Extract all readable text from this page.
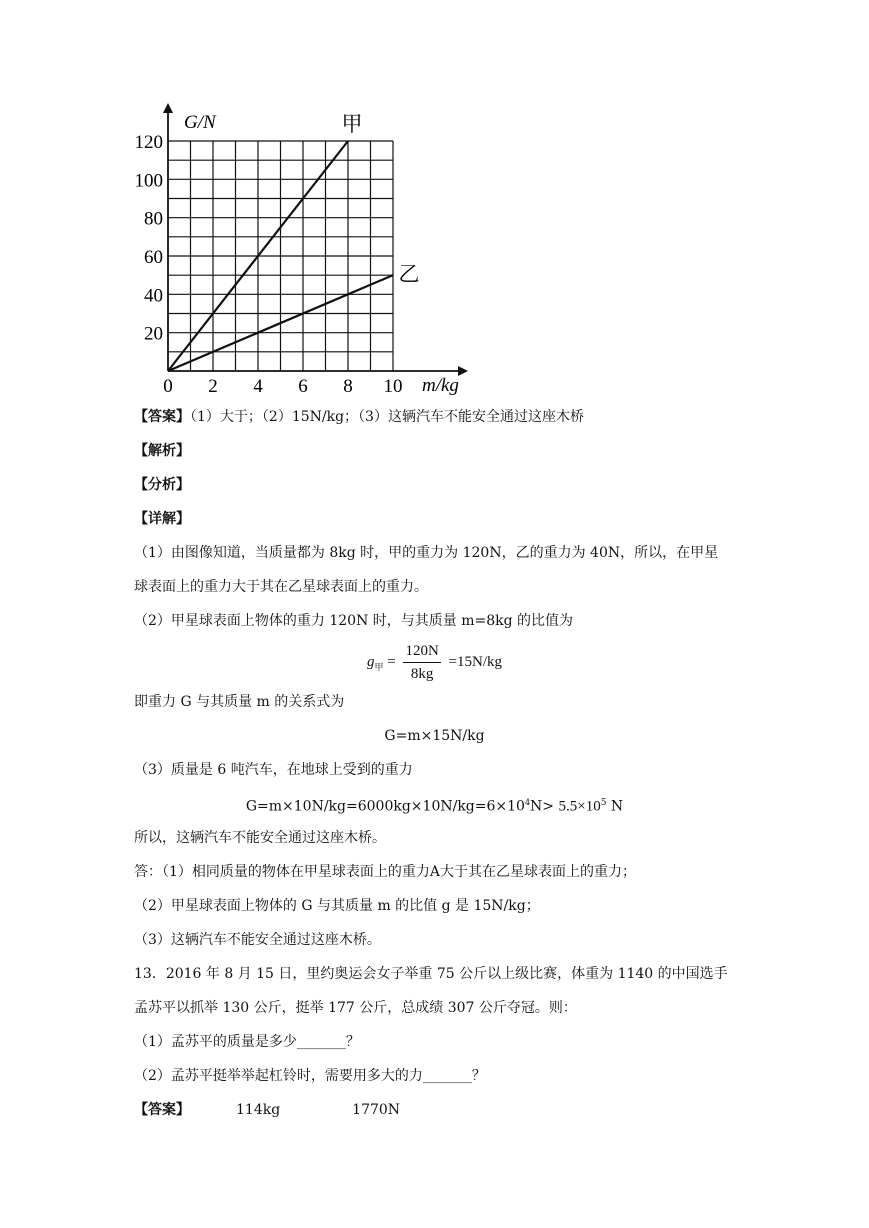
0 2 4 6 8 10
20
40
60
80
100
120
甲
乙
G/N
m/kg
【答案】（1）大于；（2）15N/kg；（3）这辆汽车不能安全通过这座木桥
【解析】
【分析】
【详解】
（1）由图像知道，当质量都为 8kg 时，甲的重力为 120N，乙的重力为 40N，所以，在甲星
球表面上的重力大于其在乙星球表面上的重力。
（2）甲星球表面上物体的重力 120N 时，与其质量 m=8kg 的比值为
$g_甲 = \frac{120N}{8kg} =15N/kg$
即重力 G 与其质量 m 的关系式为
G=m×15N/kg
（3）质量是 6 吨汽车，在地球上受到的重力
$G=m\times 10N/kg=6000kg\times 10N/kg=6\times 10^4N> 5.5\times 10^5$ N
所以，这辆汽车不能安全通过这座木桥。
答：（1）相同质量的物体在甲星球表面上的重力A大于其在乙星球表面上的重力；
（2）甲星球表面上物体的 G 与其质量 m 的比值 g 是 15N/kg；
（3）这辆汽车不能安全通过这座木桥。
13．2016 年 8 月 15 日，里约奥运会女子举重 75 公斤以上级比赛，体重为 1140 的中国选手
孟苏平以抓举 130 公斤，挺举 177 公斤，总成绩 307 公斤夺冠。则：
（1）孟苏平的质量是多少_______？
（2）孟苏平挺举举起杠铃时，需要用多大的力_______？
【答案】	114kg	1770N
